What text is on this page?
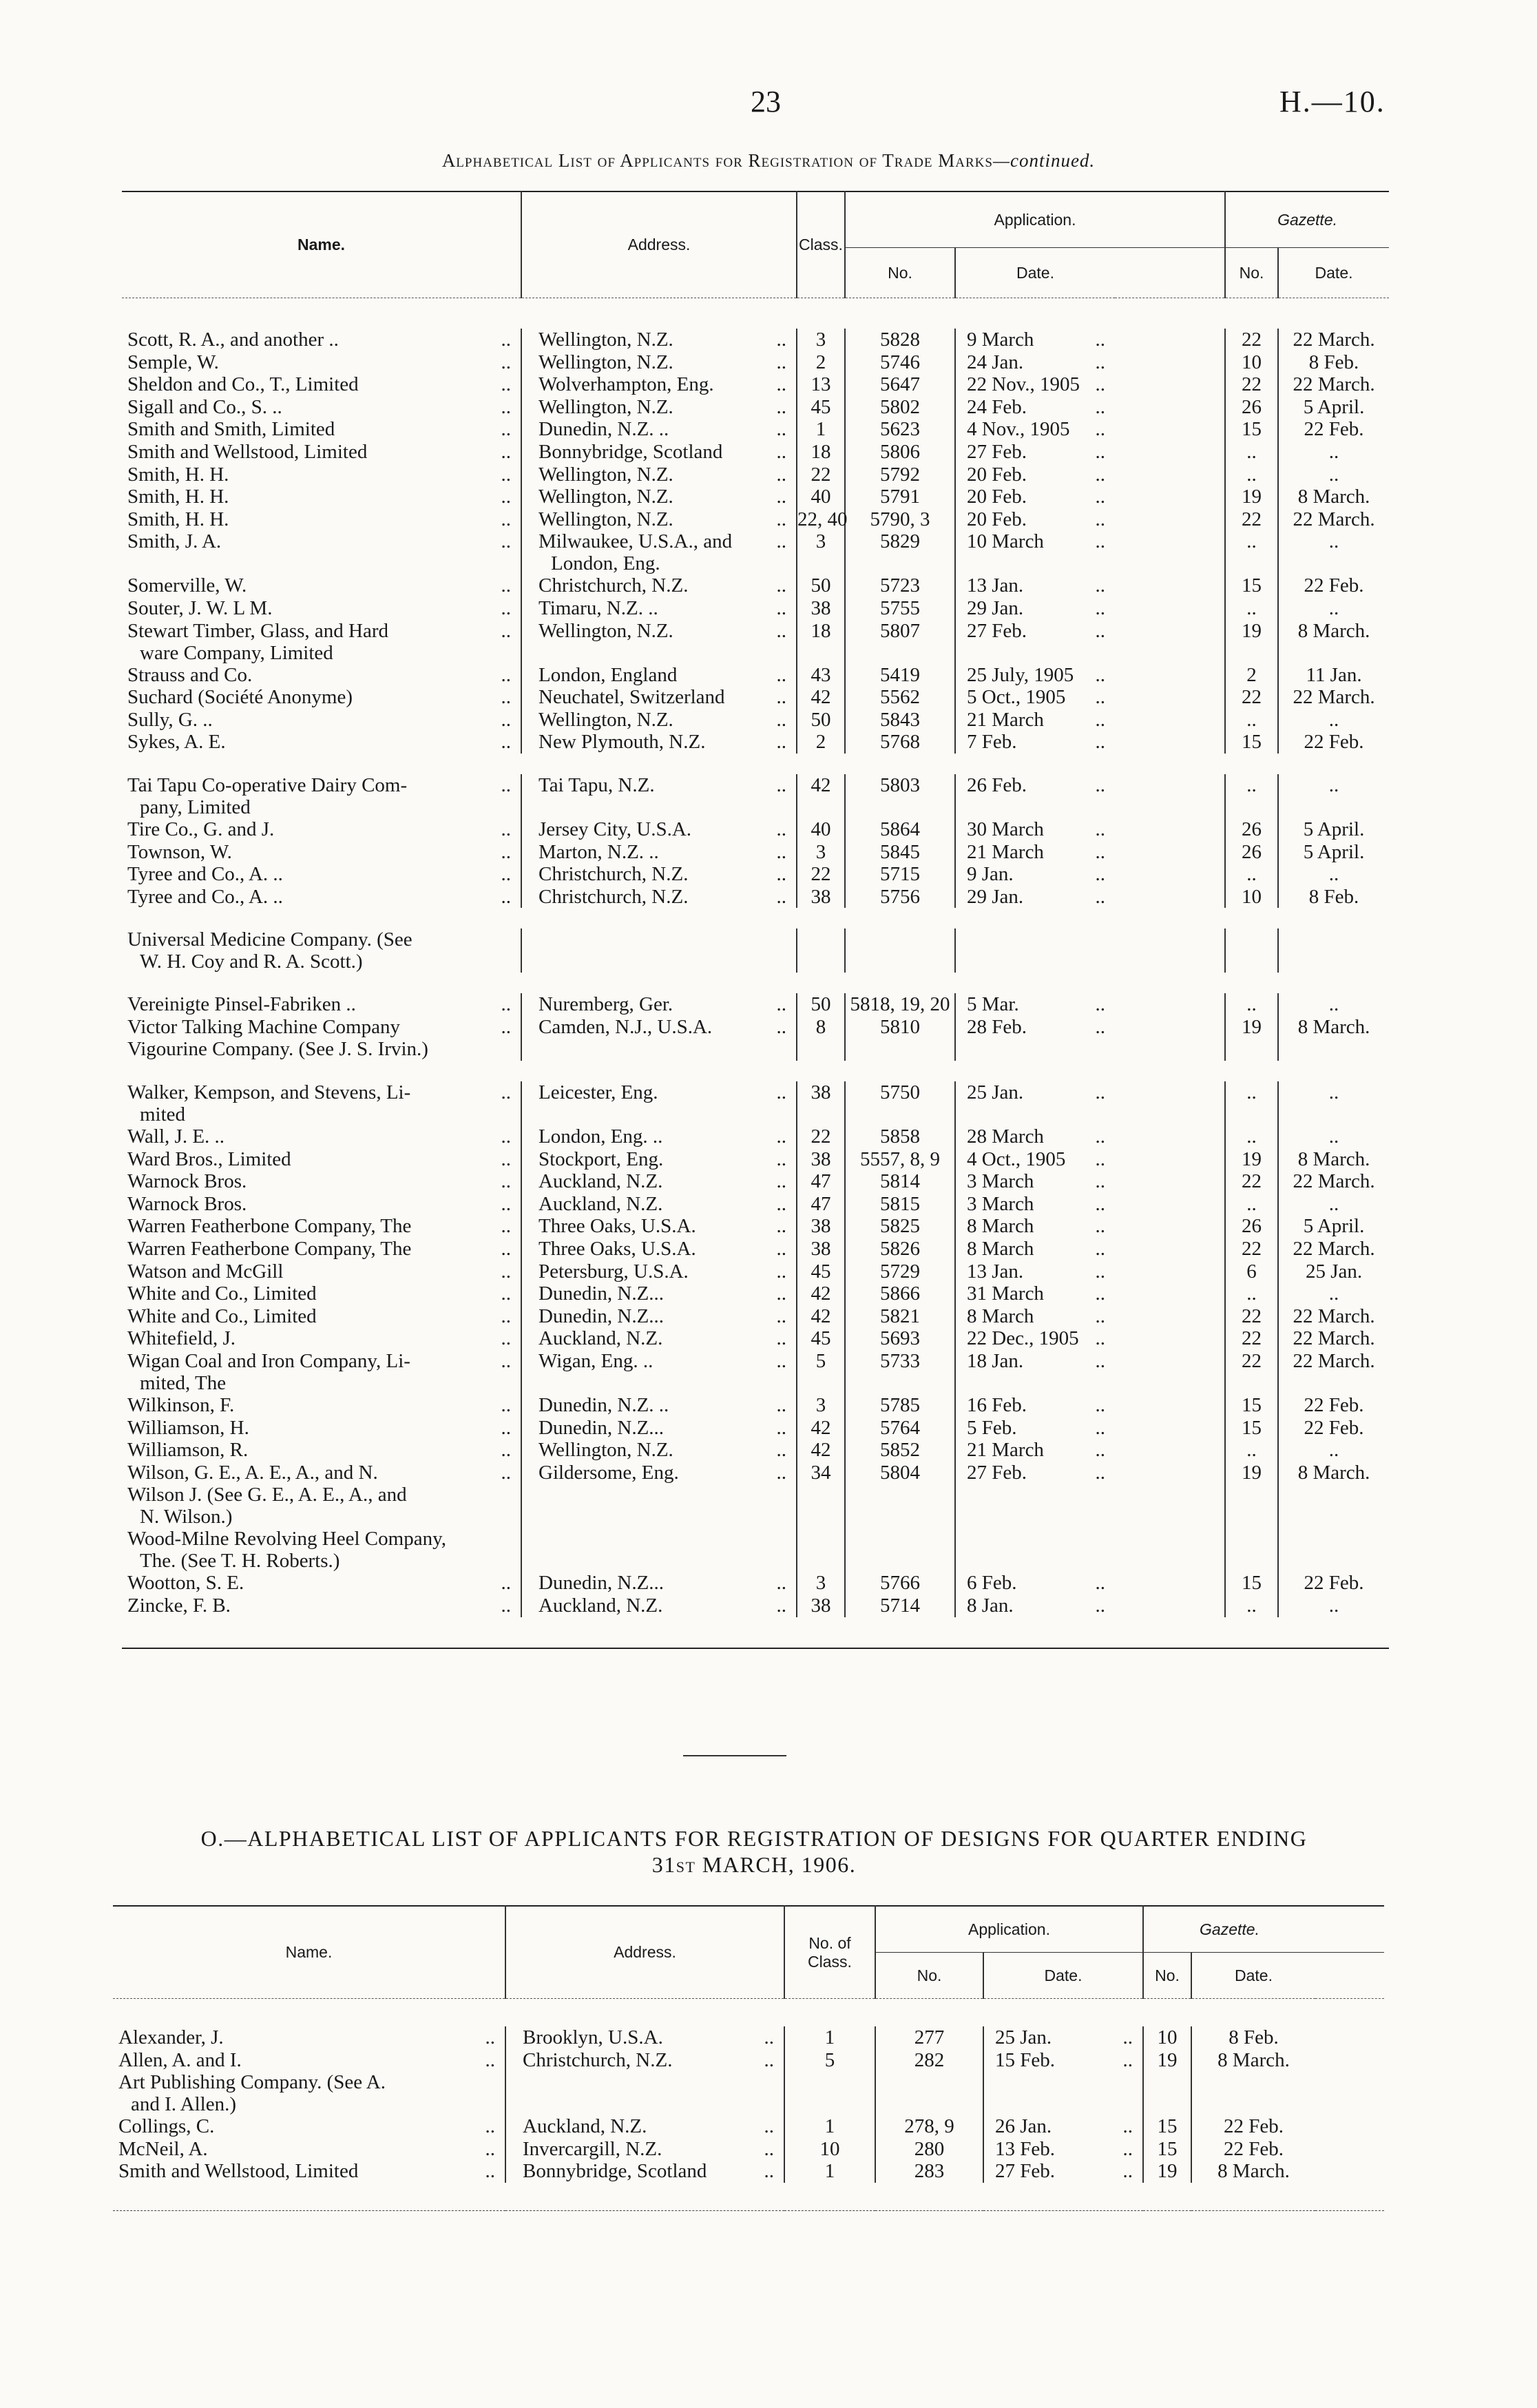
23	H.—10.
Alphabetical List of Applicants for Registration of Trade Marks—continued.
Name.	Address.	Class.	Application.			Gazette.	
			No.	Date.		No.	Date.

Scott, R. A., and another .. ..	Wellington, N.Z. ..	3	5828	9 March ..		22	22 March.
Semple, W. ..	Wellington, N.Z. ..	2	5746	24 Jan. ..		10	8 Feb.
Sheldon and Co., T., Limited ..	Wolverhampton, Eng. ..	13	5647	22 Nov., 1905 ..		22	22 March.
Sigall and Co., S. .. ..	Wellington, N.Z. ..	45	5802	24 Feb. ..		26	5 April.
Smith and Smith, Limited ..	Dunedin, N.Z. .. ..	1	5623	4 Nov., 1905 ..		15	22 Feb.
Smith and Wellstood, Limited ..	Bonnybridge, Scotland ..	18	5806	27 Feb. ..		..	..
Smith, H. H. ..	Wellington, N.Z. ..	22	5792	20 Feb. ..		..	..
Smith, H. H. ..	Wellington, N.Z. ..	40	5791	20 Feb. ..		19	8 March.
Smith, H. H. ..	Wellington, N.Z. ..	22, 40	5790, 3	20 Feb. ..		22	22 March.
Smith, J. A. ..	Milwaukee, U.S.A., and
London, Eng. ..	3	5829	10 March ..		..	..
Somerville, W. ..	Christchurch, N.Z. ..	50	5723	13 Jan. ..		15	22 Feb.
Souter, J. W. L M. ..	Timaru, N.Z. .. ..	38	5755	29 Jan. ..		..	..
Stewart Timber, Glass, and Hard
ware Company, Limited ..	Wellington, N.Z. ..	18	5807	27 Feb. ..		19	8 March.
Strauss and Co. ..	London, England ..	43	5419	25 July, 1905 ..		2	11 Jan.
Suchard (Société Anonyme) ..	Neuchatel, Switzerland ..	42	5562	5 Oct., 1905 ..		22	22 March.
Sully, G. .. ..	Wellington, N.Z. ..	50	5843	21 March ..		..	..
Sykes, A. E. ..	New Plymouth, N.Z. ..	2	5768	7 Feb. ..		15	22 Feb.

Tai Tapu Co-operative Dairy Com-
pany, Limited ..	Tai Tapu, N.Z. ..	42	5803	26 Feb. ..		..	..
Tire Co., G. and J. ..	Jersey City, U.S.A. ..	40	5864	30 March ..		26	5 April.
Townson, W. ..	Marton, N.Z. .. ..	3	5845	21 March ..		26	5 April.
Tyree and Co., A. .. ..	Christchurch, N.Z. ..	22	5715	9 Jan. ..		..	..
Tyree and Co., A. .. ..	Christchurch, N.Z. ..	38	5756	29 Jan. ..		10	8 Feb.

Universal Medicine Company. (See
W. H. Coy and R. A. Scott.)							

Vereinigte Pinsel-Fabriken .. ..	Nuremberg, Ger. ..	50	5818, 19, 20	5 Mar. ..		..	..
Victor Talking Machine Company ..	Camden, N.J., U.S.A. ..	8	5810	28 Feb. ..		19	8 March.
Vigourine Company. (See J. S. Irvin.)							

Walker, Kempson, and Stevens, Li-
mited ..	Leicester, Eng. ..	38	5750	25 Jan. ..		..	..
Wall, J. E. .. ..	London, Eng. .. ..	22	5858	28 March ..		..	..
Ward Bros., Limited ..	Stockport, Eng. ..	38	5557, 8, 9	4 Oct., 1905 ..		19	8 March.
Warnock Bros. ..	Auckland, N.Z. ..	47	5814	3 March ..		22	22 March.
Warnock Bros. ..	Auckland, N.Z. ..	47	5815	3 March ..		..	..
Warren Featherbone Company, The ..	Three Oaks, U.S.A. ..	38	5825	8 March ..		26	5 April.
Warren Featherbone Company, The ..	Three Oaks, U.S.A. ..	38	5826	8 March ..		22	22 March.
Watson and McGill ..	Petersburg, U.S.A. ..	45	5729	13 Jan. ..		6	25 Jan.
White and Co., Limited ..	Dunedin, N.Z... ..	42	5866	31 March ..		..	..
White and Co., Limited ..	Dunedin, N.Z... ..	42	5821	8 March ..		22	22 March.
Whitefield, J. ..	Auckland, N.Z. ..	45	5693	22 Dec., 1905 ..		22	22 March.
Wigan Coal and Iron Company, Li-
mited, The ..	Wigan, Eng. .. ..	5	5733	18 Jan. ..		22	22 March.
Wilkinson, F. ..	Dunedin, N.Z. .. ..	3	5785	16 Feb. ..		15	22 Feb.
Williamson, H. ..	Dunedin, N.Z... ..	42	5764	5 Feb. ..		15	22 Feb.
Williamson, R. ..	Wellington, N.Z. ..	42	5852	21 March ..		..	..
Wilson, G. E., A. E., A., and N. ..	Gildersome, Eng. ..	34	5804	27 Feb. ..		19	8 March.
Wilson J. (See G. E., A. E., A., and
N. Wilson.)							
Wood-Milne Revolving Heel Company,
The. (See T. H. Roberts.)							
Wootton, S. E. ..	Dunedin, N.Z... ..	3	5766	6 Feb. ..		15	22 Feb.
Zincke, F. B. ..	Auckland, N.Z. ..	38	5714	8 Jan. ..		..	..

O.—ALPHABETICAL LIST OF APPLICANTS FOR REGISTRATION OF DESIGNS FOR QUARTER ENDING
31ST MARCH, 1906.
Name.	Address.	No. of
Class.	Application.		Gazette.		
			No.	Date.	No.	Date.	

Alexander, J. ..	Brooklyn, U.S.A. ..	1	277	25 Jan. ..	10	8 Feb.	
Allen, A. and I. ..	Christchurch, N.Z. ..	5	282	15 Feb. ..	19	8 March.	
Art Publishing Company. (See A.
and I. Allen.)							
Collings, C. ..	Auckland, N.Z. ..	1	278, 9	26 Jan. ..	15	22 Feb.	
McNeil, A. ..	Invercargill, N.Z. ..	10	280	13 Feb. ..	15	22 Feb.	
Smith and Wellstood, Limited ..	Bonnybridge, Scotland ..	1	283	27 Feb. ..	19	8 March.	
